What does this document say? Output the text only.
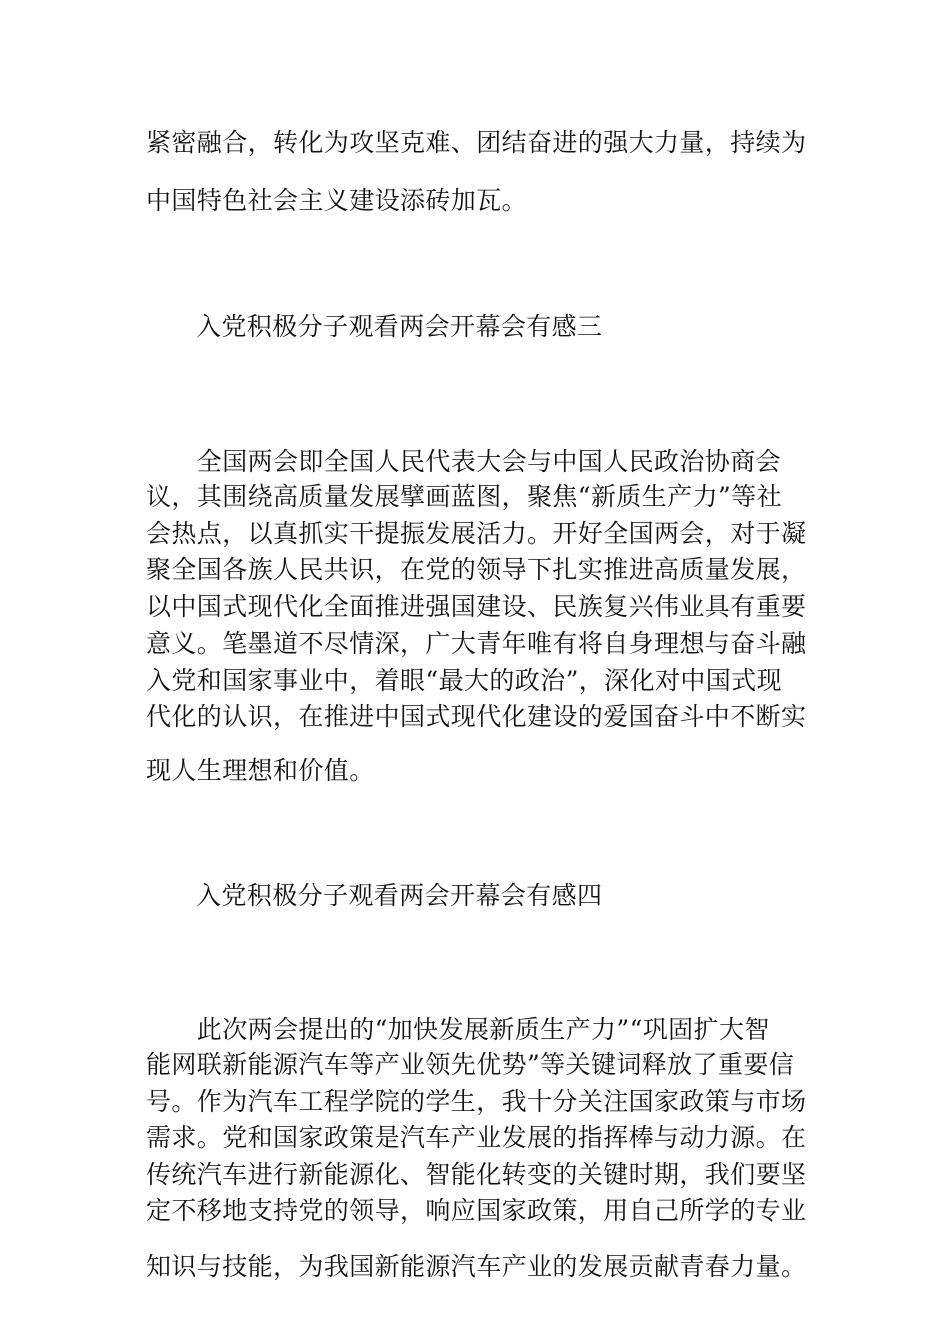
紧密融合，转化为攻坚克难、团结奋进的强大力量，持续为
中国特色社会主义建设添砖加瓦。
入党积极分子观看两会开幕会有感三
　　全国两会即全国人民代表大会与中国人民政治协商会
议，其围绕高质量发展擘画蓝图，聚焦“新质生产力”等社
会热点，以真抓实干提振发展活力。开好全国两会，对于凝
聚全国各族人民共识，在党的领导下扎实推进高质量发展，
以中国式现代化全面推进强国建设、民族复兴伟业具有重要
意义。笔墨道不尽情深，广大青年唯有将自身理想与奋斗融
入党和国家事业中，着眼“最大的政治”，深化对中国式现
代化的认识，在推进中国式现代化建设的爱国奋斗中不断实
现人生理想和价值。
入党积极分子观看两会开幕会有感四
　　此次两会提出的“加快发展新质生产力”“巩固扩大智
能网联新能源汽车等产业领先优势”等关键词释放了重要信
号。作为汽车工程学院的学生，我十分关注国家政策与市场
需求。党和国家政策是汽车产业发展的指挥棒与动力源。在
传统汽车进行新能源化、智能化转变的关键时期，我们要坚
定不移地支持党的领导，响应国家政策，用自己所学的专业
知识与技能，为我国新能源汽车产业的发展贡献青春力量。
